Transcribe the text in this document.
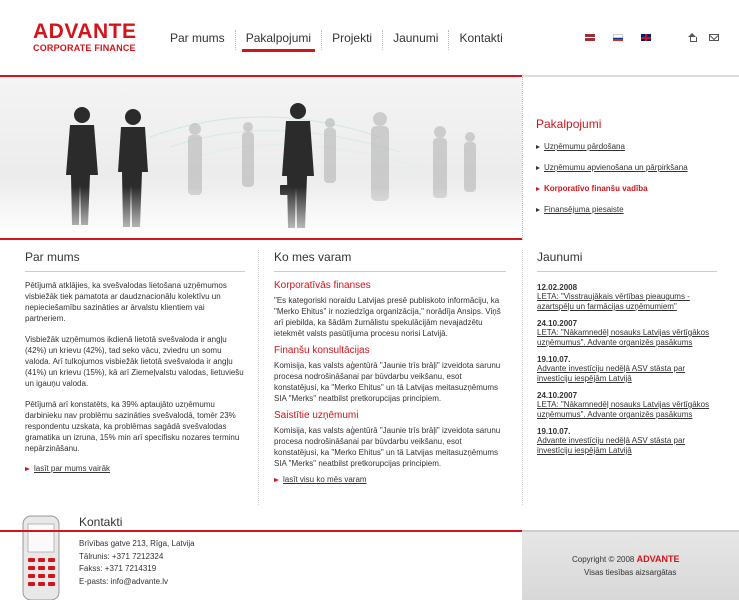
ADVANTE
CORPORATE FINANCE
Par mums	Pakalpojumi	Projekti	Jaunumi	Kontakti
Pakalpojumi
Uzņēmumu pārdošana
Uzņēmumu apvienošana un pārpirkšana
Korporatīvo finanšu vadība
Finansējuma piesaiste
Par mums

Pētījumā atklājies, ka svešvalodas lietošana uzņēmumos visbiežāk tiek pamatota ar daudznacionālu kolektīvu un nepieciešamību sazināties ar ārvalstu klientiem vai partneriem.

Visbiežāk uzņēmumos ikdienā lietotā svešvaloda ir angļu (42%) un krievu (42%), tad seko vācu, zviedru un somu valoda. Arī tulkojumos visbiežāk lietotā svešvaloda ir angļu (41%) un krievu (15%), kā arī Ziemeļvalstu valodas, lietuviešu un igauņu valoda.

Pētījumā arī konstatēts, ka 39% aptaujāto uzņēmumu darbinieku nav problēmu sazināties svešvalodā, tomēr 23% respondentu uzskata, ka problēmas sagādā svešvalodas gramatika un izruna, 15% min arī specifisku nozares terminu nepārzināšanu.

lasīt par mums vairāk
Ko mes varam
Korporatīvās finanses

"Es kategoriski noraidu Latvijas presē publiskoto informāciju, ka "Merko Ehitus" ir noziedzīga organizācija," norādīja Ansips. Viņš arī piebilda, ka šādām žurnālistu spekulācijām nevajadzētu ietekmēt valsts pasūtījuma procesu norisi Latvijā.

Finanšu konsultācijas

Komisija, kas valsts aģentūrā "Jaunie trīs brāļi" izveidota sarunu procesa nodrošināšanai par būvdarbu veikšanu, esot konstatējusi, ka "Merko Ehitus" un tā Latvijas meitasuzņēmums SIA "Merks" neatbilst pretkorupcijas principiem.

Saistītie uzņēmumi

Komisija, kas valsts aģentūrā "Jaunie trīs brāļi" izveidota sarunu procesa nodrošināšanai par būvdarbu veikšanu, esot konstatējusi, ka "Merko Ehitus" un tā Latvijas meitasuzņēmums SIA "Merks" neatbilst pretkorupcijas principiem.

lasīt visu ko mēs varam
Jaunumi
12.02.2008
LETA: "Visstraujākais vērtības pieaugums - azartspēļu un farmācijas uzņēmumiem"
24.10.2007
LETA: "Nākamnedēļ nosauks Latvijas vērtīgākos uzņēmumus". Advante organizēs pasākums
19.10.07.
Advante investīciju nedēļā ASV stāsta par investīciju iespējām Latvijā
24.10.2007
LETA: "Nākamnedēļ nosauks Latvijas vērtīgākos uzņēmumus". Advante organizēs pasākums
19.10.07.
Advante investīciju nedēļā ASV stāsta par investīciju iespējām Latvijā
Kontakti
Brīvības gatve 213, Rīga, Latvija
Tālrunis: +371 7212324
Fakss: +371 7214319
E-pasts: info@advante.lv
Copyright © 2008 ADVANTE
Visas tiesības aizsargātas
